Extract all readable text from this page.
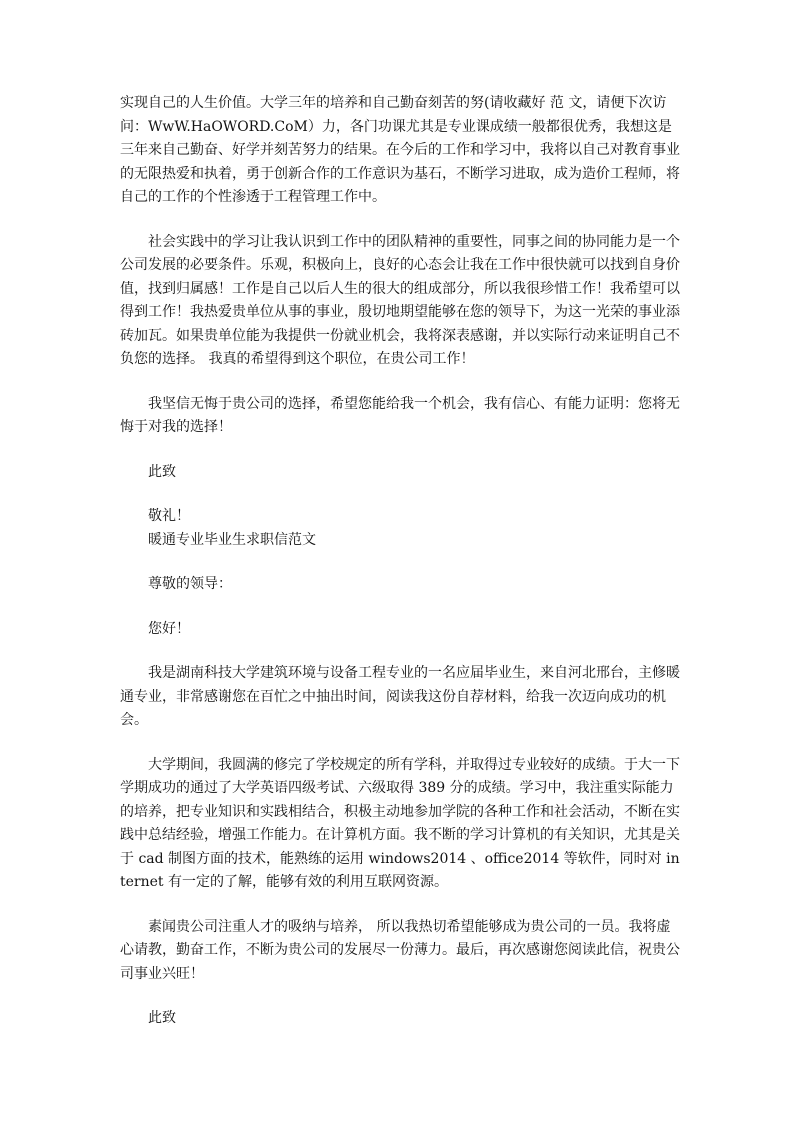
实现自己的人生价值。大学三年的培养和自己勤奋刻苦的努(请收藏好 范 文，请便下次访问：WwW.HaOWORD.CoM）力，各门功课尤其是专业课成绩一般都很优秀，我想这是三年来自己勤奋、好学并刻苦努力的结果。在今后的工作和学习中，我将以自己对教育事业的无限热爱和执着，勇于创新合作的工作意识为基石，不断学习进取，成为造价工程师，将自己的工作的个性渗透于工程管理工作中。

社会实践中的学习让我认识到工作中的团队精神的重要性，同事之间的协同能力是一个公司发展的必要条件。乐观，积极向上，良好的心态会让我在工作中很快就可以找到自身价值，找到归属感！工作是自己以后人生的很大的组成部分，所以我很珍惜工作！我希望可以得到工作！我热爱贵单位从事的事业，殷切地期望能够在您的领导下，为这一光荣的事业添砖加瓦。如果贵单位能为我提供一份就业机会，我将深表感谢，并以实际行动来证明自己不负您的选择。 我真的希望得到这个职位，在贵公司工作！

我坚信无悔于贵公司的选择，希望您能给我一个机会，我有信心、有能力证明：您将无悔于对我的选择！

此致

敬礼！

暖通专业毕业生求职信范文

尊敬的领导：

您好！

我是湖南科技大学建筑环境与设备工程专业的一名应届毕业生，来自河北邢台，主修暖通专业，非常感谢您在百忙之中抽出时间，阅读我这份自荐材料，给我一次迈向成功的机会。

大学期间，我圆满的修完了学校规定的所有学科，并取得过专业较好的成绩。于大一下学期成功的通过了大学英语四级考试、六级取得 389 分的成绩。学习中，我注重实际能力的培养，把专业知识和实践相结合，积极主动地参加学院的各种工作和社会活动，不断在实践中总结经验，增强工作能力。在计算机方面。我不断的学习计算机的有关知识，尤其是关于 cad 制图方面的技术，能熟练的运用 windows2014 、office2014 等软件，同时对 internet 有一定的了解，能够有效的利用互联网资源。

素闻贵公司注重人才的吸纳与培养， 所以我热切希望能够成为贵公司的一员。我将虚心请教，勤奋工作，不断为贵公司的发展尽一份薄力。最后，再次感谢您阅读此信，祝贵公司事业兴旺！

此致
